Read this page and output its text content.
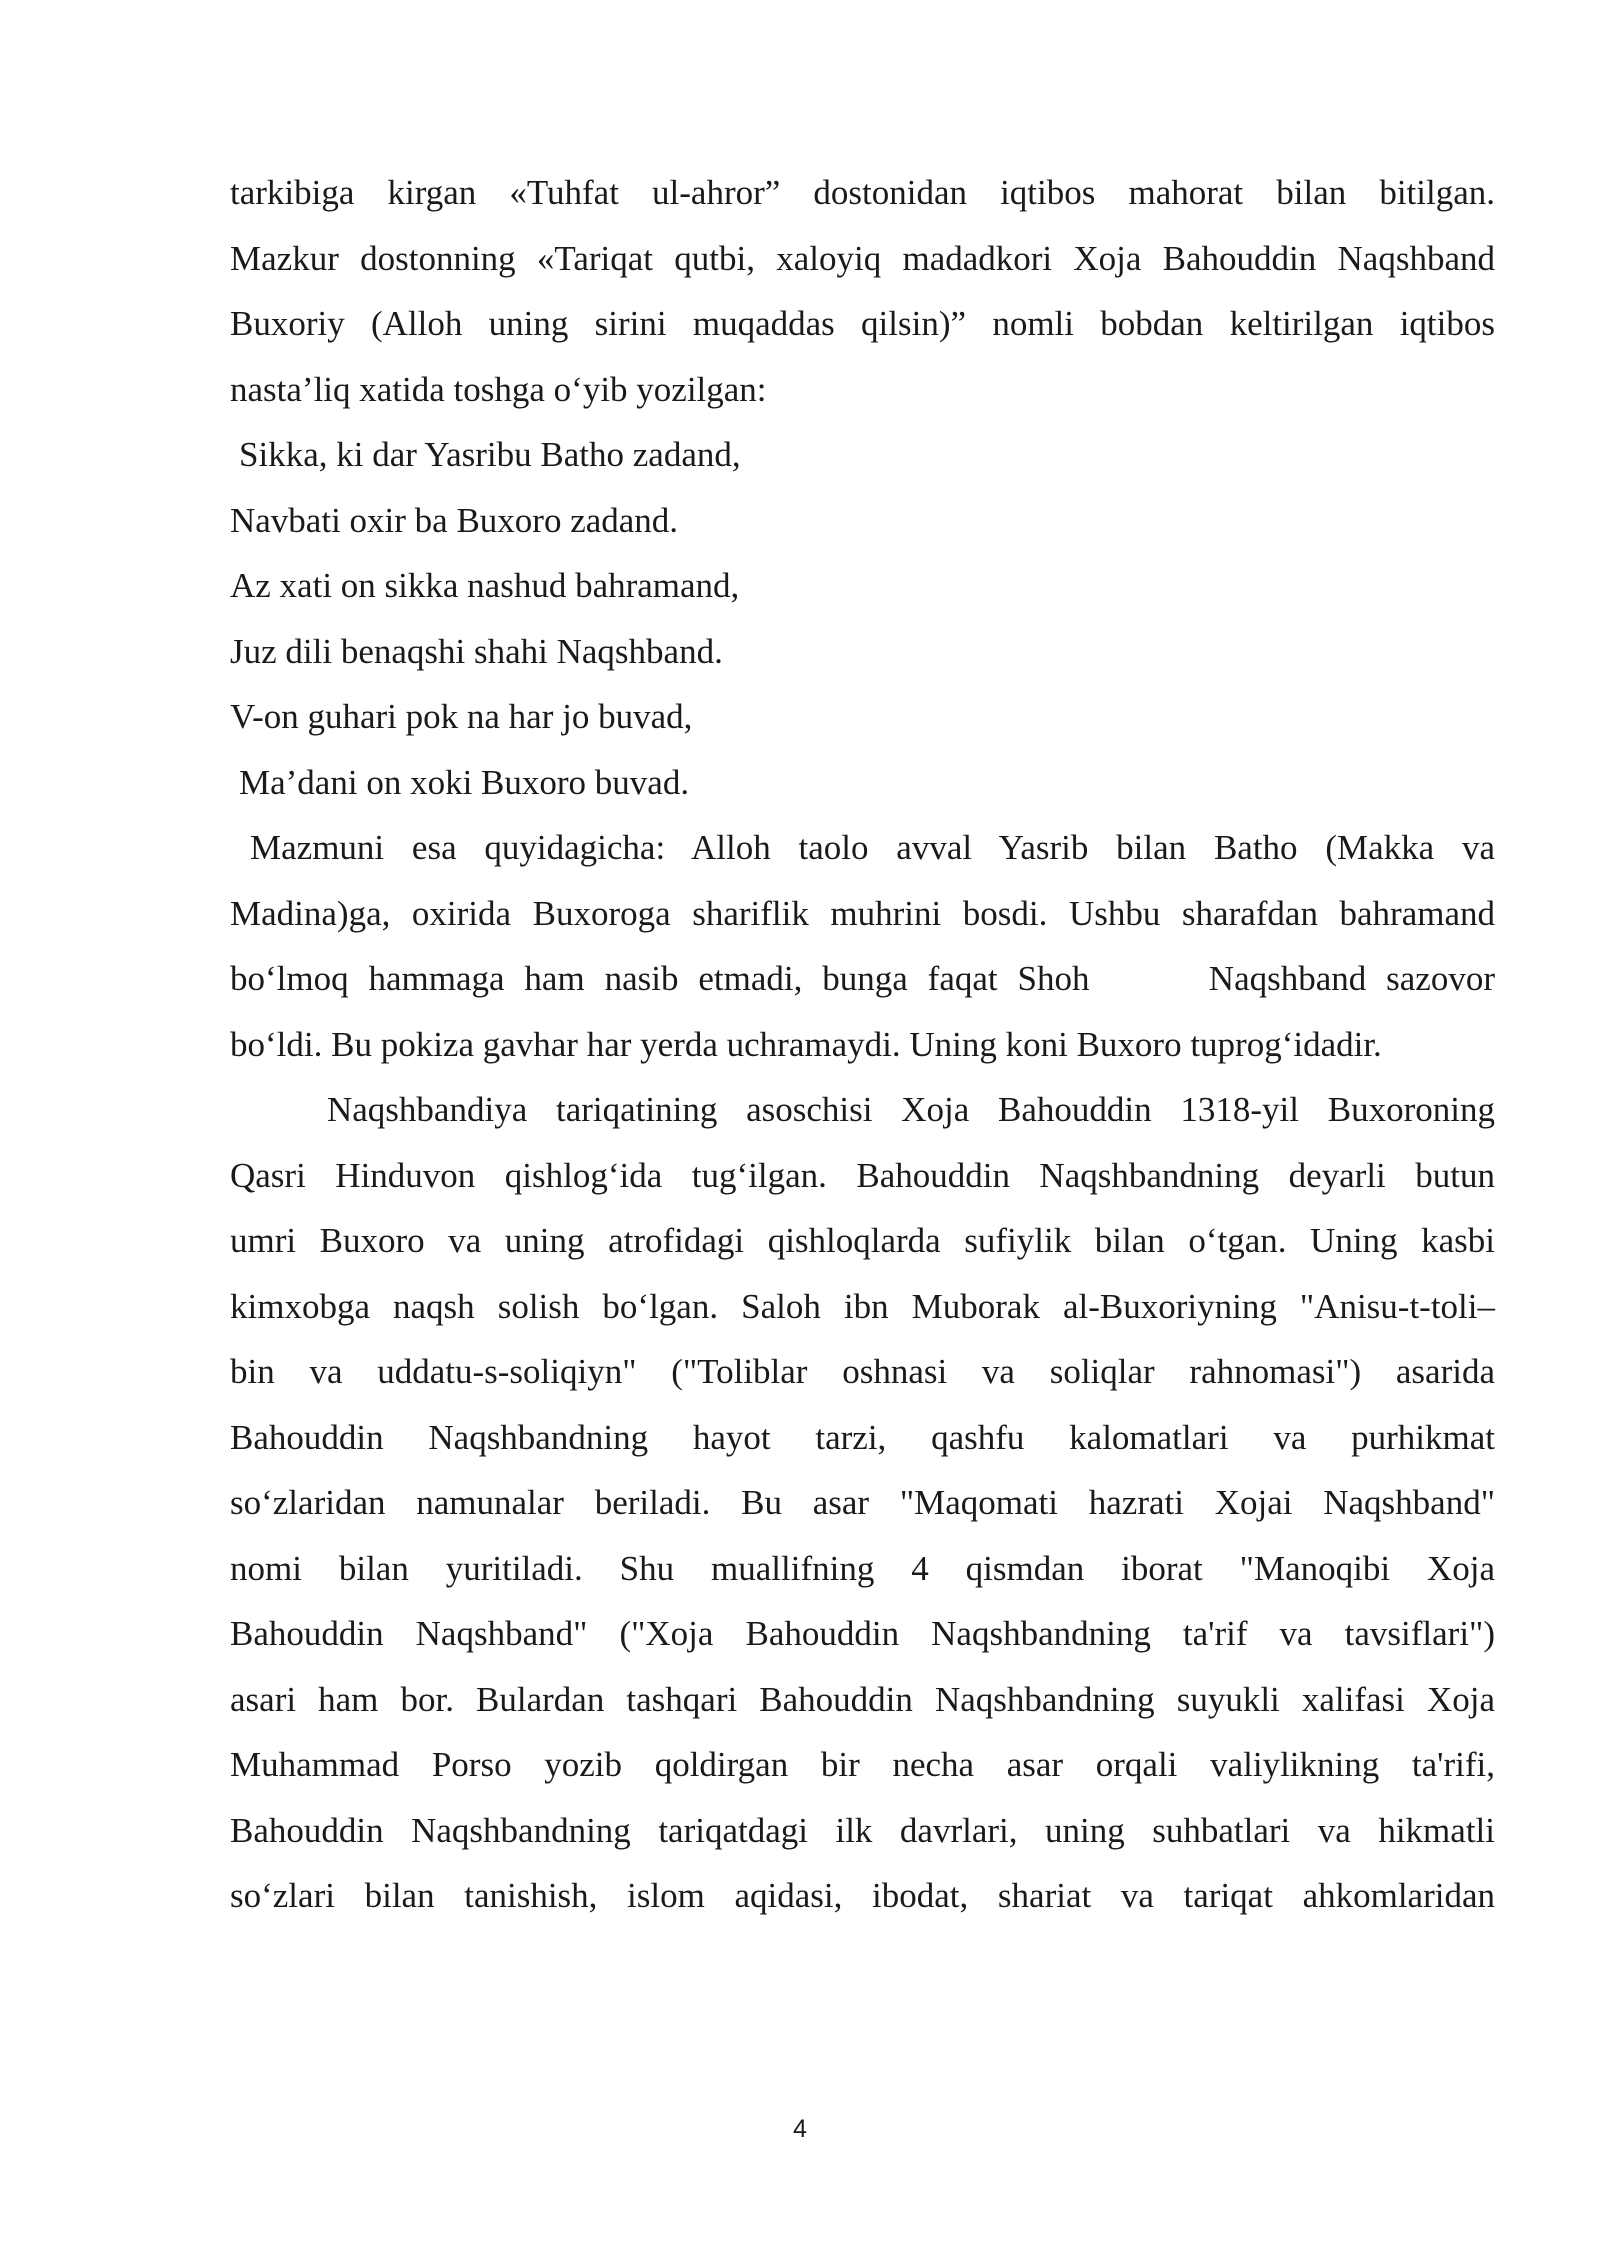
tarkibiga kirgan «Tuhfat ul-ahror” dostonidan iqtibos mahorat bilan bitilgan.
Mazkur dostonning «Tariqat qutbi, xaloyiq madadkori Xoja Bahouddin Naqshband
Buxoriy (Alloh uning sirini muqaddas qilsin)” nomli bobdan keltirilgan iqtibos
nasta’liq xatida toshga o‘yib yozilgan:
Sikka, ki dar Yasribu Batho zadand,
Navbati oxir ba Buxoro zadand.
Az xati on sikka nashud bahramand,
Juz dili benaqshi shahi Naqshband.
V-on guhari pok na har jo buvad,
Ma’dani on xoki Buxoro buvad.
Mazmuni esa quyidagicha: Alloh taolo avval Yasrib bilan Batho (Makka va
Madina)ga, oxirida Buxoroga shariflik muhrini bosdi. Ushbu sharafdan bahramand
bo‘lmoq hammaga ham nasib etmadi, bunga faqat Shoh      Naqshband sazovor
bo‘ldi. Bu pokiza gavhar har yerda uchramaydi. Uning koni Buxoro tuprog‘idadir.
Naqshbandiya tariqatining asoschisi Xoja Bahouddin 1318-yil Buxoroning
Qasri Hinduvon qishlog‘ida tug‘ilgan. Bahouddin Naqshbandning deyarli butun
umri Buxoro va uning atrofidagi qishloqlarda sufiylik bilan o‘tgan. Uning kasbi
kimxobga naqsh solish bo‘lgan. Saloh ibn Muborak al-Buxoriyning "Anisu-t-toli–
bin va uddatu-s-soliqiyn" ("Toliblar oshnasi va soliqlar rahnomasi") asarida
Bahouddin Naqshbandning hayot tarzi, qashfu kalomatlari va purhikmat
so‘zlaridan namunalar beriladi. Bu asar "Maqomati hazrati Xojai Naqshband"
nomi bilan yuritiladi. Shu muallifning 4 qismdan iborat "Manoqibi Xoja
Bahouddin Naqshband" ("Xoja Bahouddin Naqshbandning ta'rif va tavsiflari")
asari ham bor. Bulardan tashqari Bahouddin Naqshbandning suyukli xalifasi Xoja
Muhammad Porso yozib qoldirgan bir necha asar orqali valiylikning ta'rifi,
Bahouddin Naqshbandning tariqatdagi ilk davrlari, uning suhbatlari va hikmatli
so‘zlari bilan tanishish, islom aqidasi, ibodat, shariat va tariqat ahkomlaridan
4
